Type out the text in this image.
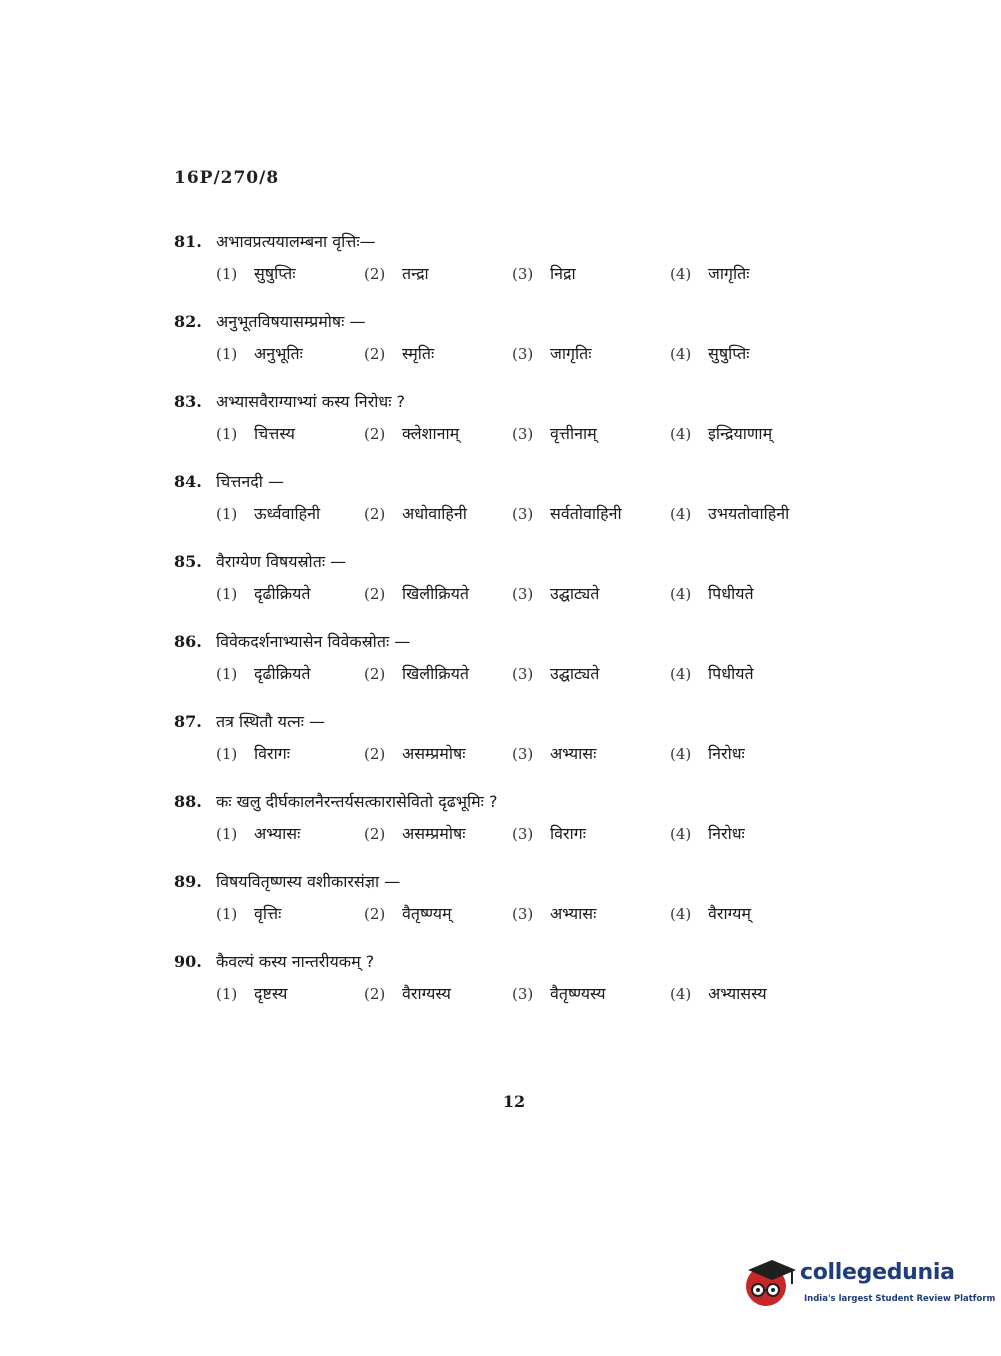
16P/270/8
81. अभावप्रत्ययालम्बना वृत्तिः—
(1)	सुषुप्तिः	(2)	तन्द्रा	(3)	निद्रा	(4)	जागृतिः
82. अनुभूतविषयासम्प्रमोषः —
(1)	अनुभूतिः	(2)	स्मृतिः	(3)	जागृतिः	(4)	सुषुप्तिः
83. अभ्यासवैराग्याभ्यां कस्य निरोधः ?
(1)	चित्तस्य	(2)	क्लेशानाम्	(3)	वृत्तीनाम्	(4)	इन्द्रियाणाम्
84. चित्तनदी —
(1)	ऊर्ध्ववाहिनी	(2)	अधोवाहिनी	(3)	सर्वतोवाहिनी	(4)	उभयतोवाहिनी
85. वैराग्येण विषयस्रोतः —
(1)	दृढीक्रियते	(2)	खिलीक्रियते	(3)	उद्घाट्यते	(4)	पिधीयते
86. विवेकदर्शनाभ्यासेन विवेकस्रोतः —
(1)	दृढीक्रियते	(2)	खिलीक्रियते	(3)	उद्घाट्यते	(4)	पिधीयते
87. तत्र स्थितौ यत्नः —
(1)	विरागः	(2)	असम्प्रमोषः	(3)	अभ्यासः	(4)	निरोधः
88. कः खलु दीर्घकालनैरन्तर्यसत्कारासेवितो दृढभूमिः ?
(1)	अभ्यासः	(2)	असम्प्रमोषः	(3)	विरागः	(4)	निरोधः
89. विषयवितृष्णस्य वशीकारसंज्ञा —
(1)	वृत्तिः	(2)	वैतृष्ण्यम्	(3)	अभ्यासः	(4)	वैराग्यम्
90. कैवल्यं कस्य नान्तरीयकम् ?
(1)	दृष्टस्य	(2)	वैराग्यस्य	(3)	वैतृष्ण्यस्य	(4)	अभ्यासस्य
12
collegedunia
India's largest Student Review Platform
